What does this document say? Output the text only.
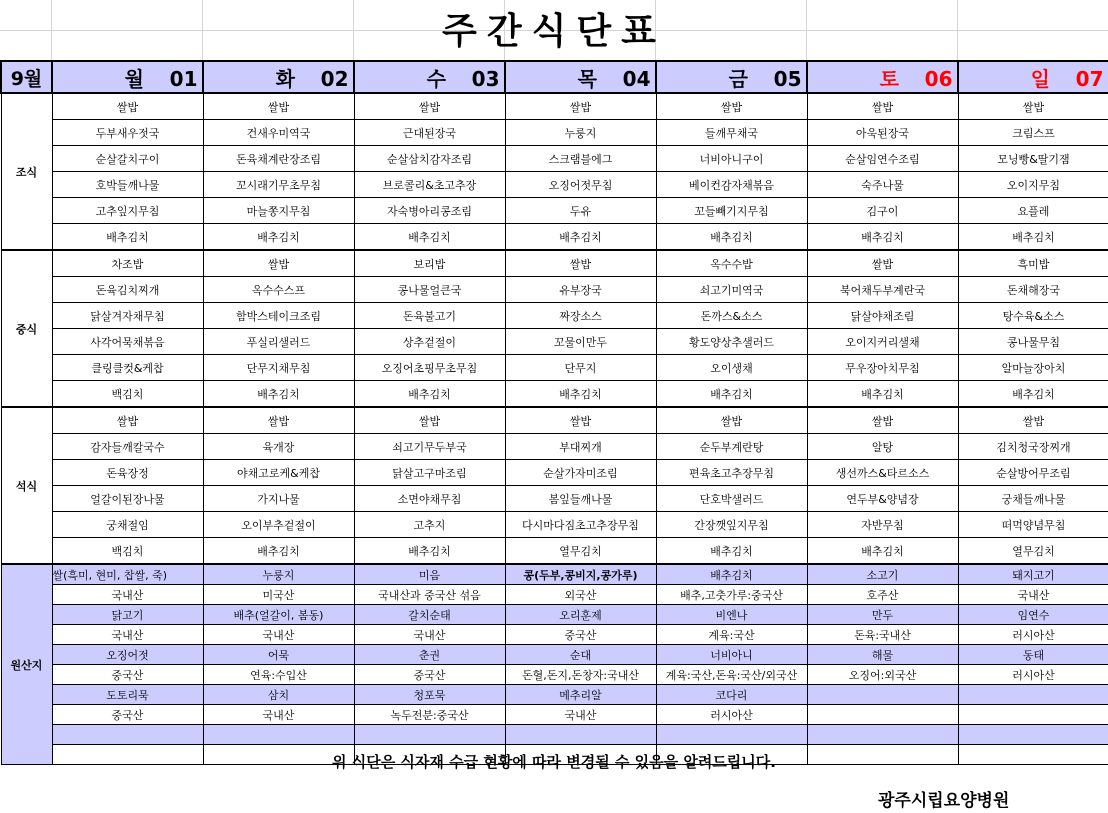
주간식단표
9월	월 01	화 02	수 03	목 04	금 05	토 06	일 07
조식	쌀밥	쌀밥	쌀밥	쌀밥	쌀밥	쌀밥	쌀밥
	두부새우젓국	건새우미역국	근대된장국	누룽지	들깨무채국	아욱된장국	크림스프
	순살갈치구이	돈육채계란장조림	순살삼치감자조림	스크램블에그	너비아니구이	순살임연수조림	모닝빵&딸기잼
	호박들깨나물	꼬시래기무초무침	브로콜리&초고추장	오징어젓무침	베이컨감자채볶음	숙주나물	오이지무침
	고추잎지무침	마늘쫑지무침	자숙병아리콩조림	두유	꼬들빼기지무침	김구이	요플레
	배추김치	배추김치	배추김치	배추김치	배추김치	배추김치	배추김치
중식	차조밥	쌀밥	보리밥	쌀밥	옥수수밥	쌀밥	흑미밥
	돈육김치찌개	옥수수스프	콩나물얼큰국	유부장국	쇠고기미역국	북어채두부계란국	돈채해장국
	닭살겨자채무침	함박스테이크조림	돈육불고기	짜장소스	돈까스&소스	닭살야채조림	탕수육&소스
	사각어묵채볶음	푸실리샐러드	상추겉절이	꼬물이만두	황도양상추샐러드	오이지커리샐채	콩나물무침
	클링클컷&케찹	단무지채무침	오징어초핑무초무침	단무지	오이생채	무우장아치무침	알마늘장아치
	백김치	배추김치	배추김치	배추김치	배추김치	배추김치	배추김치
석식	쌀밥	쌀밥	쌀밥	쌀밥	쌀밥	쌀밥	쌀밥
	감자들깨칼국수	육개장	쇠고기무두부국	부대찌개	순두부계란탕	알탕	김치청국장찌개
	돈육장정	야채고로케&케찹	닭살고구마조림	순살가자미조림	편육초고추장무침	생선까스&타르소스	순살방어무조림
	얼갈이된장나물	가지나물	소면야채무침	봄잎들깨나물	단호박샐러드	연두부&양념장	궁채들깨나물
	궁채절임	오이부추겉절이	고추지	다시마다짐초고추장무침	간장깻잎지무침	자반무침	떠먹양념무침
	백김치	배추김치	배추김치	열무김치	배추김치	배추김치	열무김치
원산지	쌀(흑미, 현미, 찹쌀, 죽)	누룽지	미음	콩(두부,콩비지,콩가루)	배추김치	소고기	돼지고기
	국내산	미국산	국내산과 중국산 섞음	외국산	배추,고춧가루:중국산	호주산	국내산
	닭고기	배추(얼갈이, 봄동)	갈치순태	오리훈제	비엔나	만두	임연수
	국내산	국내산	국내산	중국산	계육:국산	돈육:국내산	러시아산
	오징어젓	어묵	춘권	순대	너비아니	해물	동태
	중국산	연육:수입산	중국산	돈혈,돈지,돈창자:국내산	계육:국산,돈육:국산/외국산	오징어:외국산	러시아산
	도토리묵	삼치	청포묵	메추리알	코다리		
	중국산	국내산	녹두전분:중국산	국내산	러시아산		

위 식단은 식자재 수급 현황에 따라 변경될 수 있음을 알려드립니다.
광주시립요양병원
